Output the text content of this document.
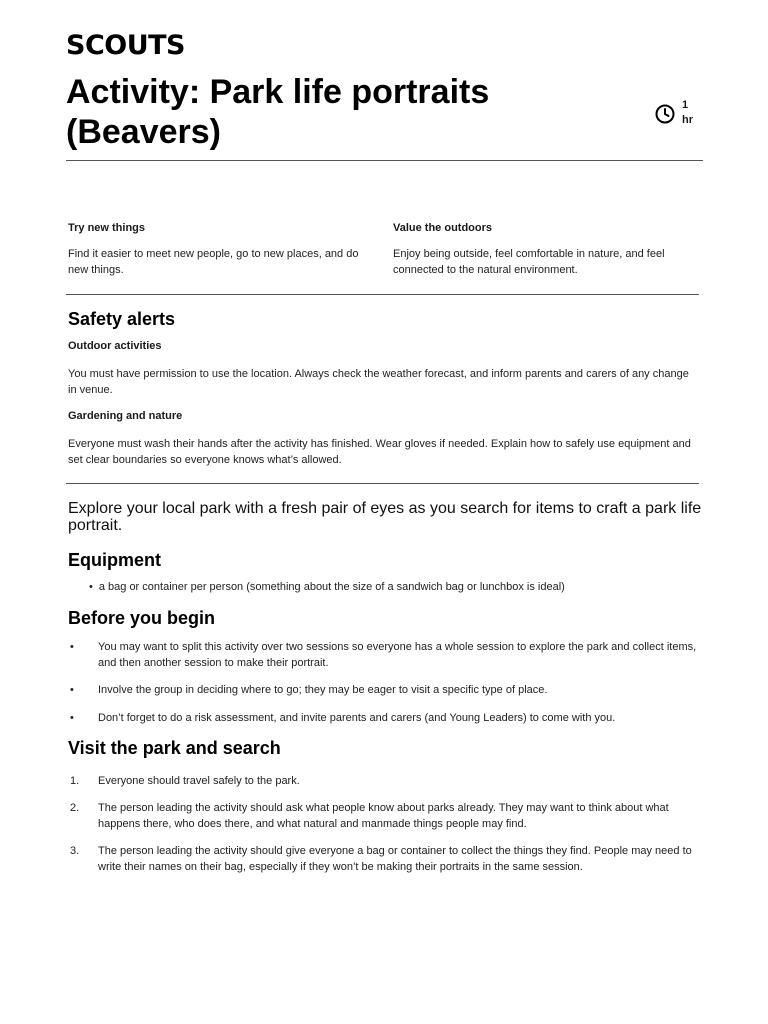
SCOUTS
Activity: Park life portraits (Beavers)
1
hr
Try new things
Find it easier to meet new people, go to new places, and do new things.
Value the outdoors
Enjoy being outside, feel comfortable in nature, and feel connected to the natural environment.
Safety alerts
Outdoor activities
You must have permission to use the location. Always check the weather forecast, and inform parents and carers of any change in venue.
Gardening and nature
Everyone must wash their hands after the activity has finished. Wear gloves if needed. Explain how to safely use equipment and set clear boundaries so everyone knows what’s allowed.
Explore your local park with a fresh pair of eyes as you search for items to craft a park life portrait.
Equipment
• a bag or container per person (something about the size of a sandwich bag or lunchbox is ideal)
Before you begin
•	You may want to split this activity over two sessions so everyone has a whole session to explore the park and collect items, and then another session to make their portrait.
•	Involve the group in deciding where to go; they may be eager to visit a specific type of place.
•	Don’t forget to do a risk assessment, and invite parents and carers (and Young Leaders) to come with you.
Visit the park and search
1.	Everyone should travel safely to the park.
2.	The person leading the activity should ask what people know about parks already. They may want to think about what happens there, who does there, and what natural and manmade things people may find.
3.	The person leading the activity should give everyone a bag or container to collect the things they find. People may need to write their names on their bag, especially if they won’t be making their portraits in the same session.
